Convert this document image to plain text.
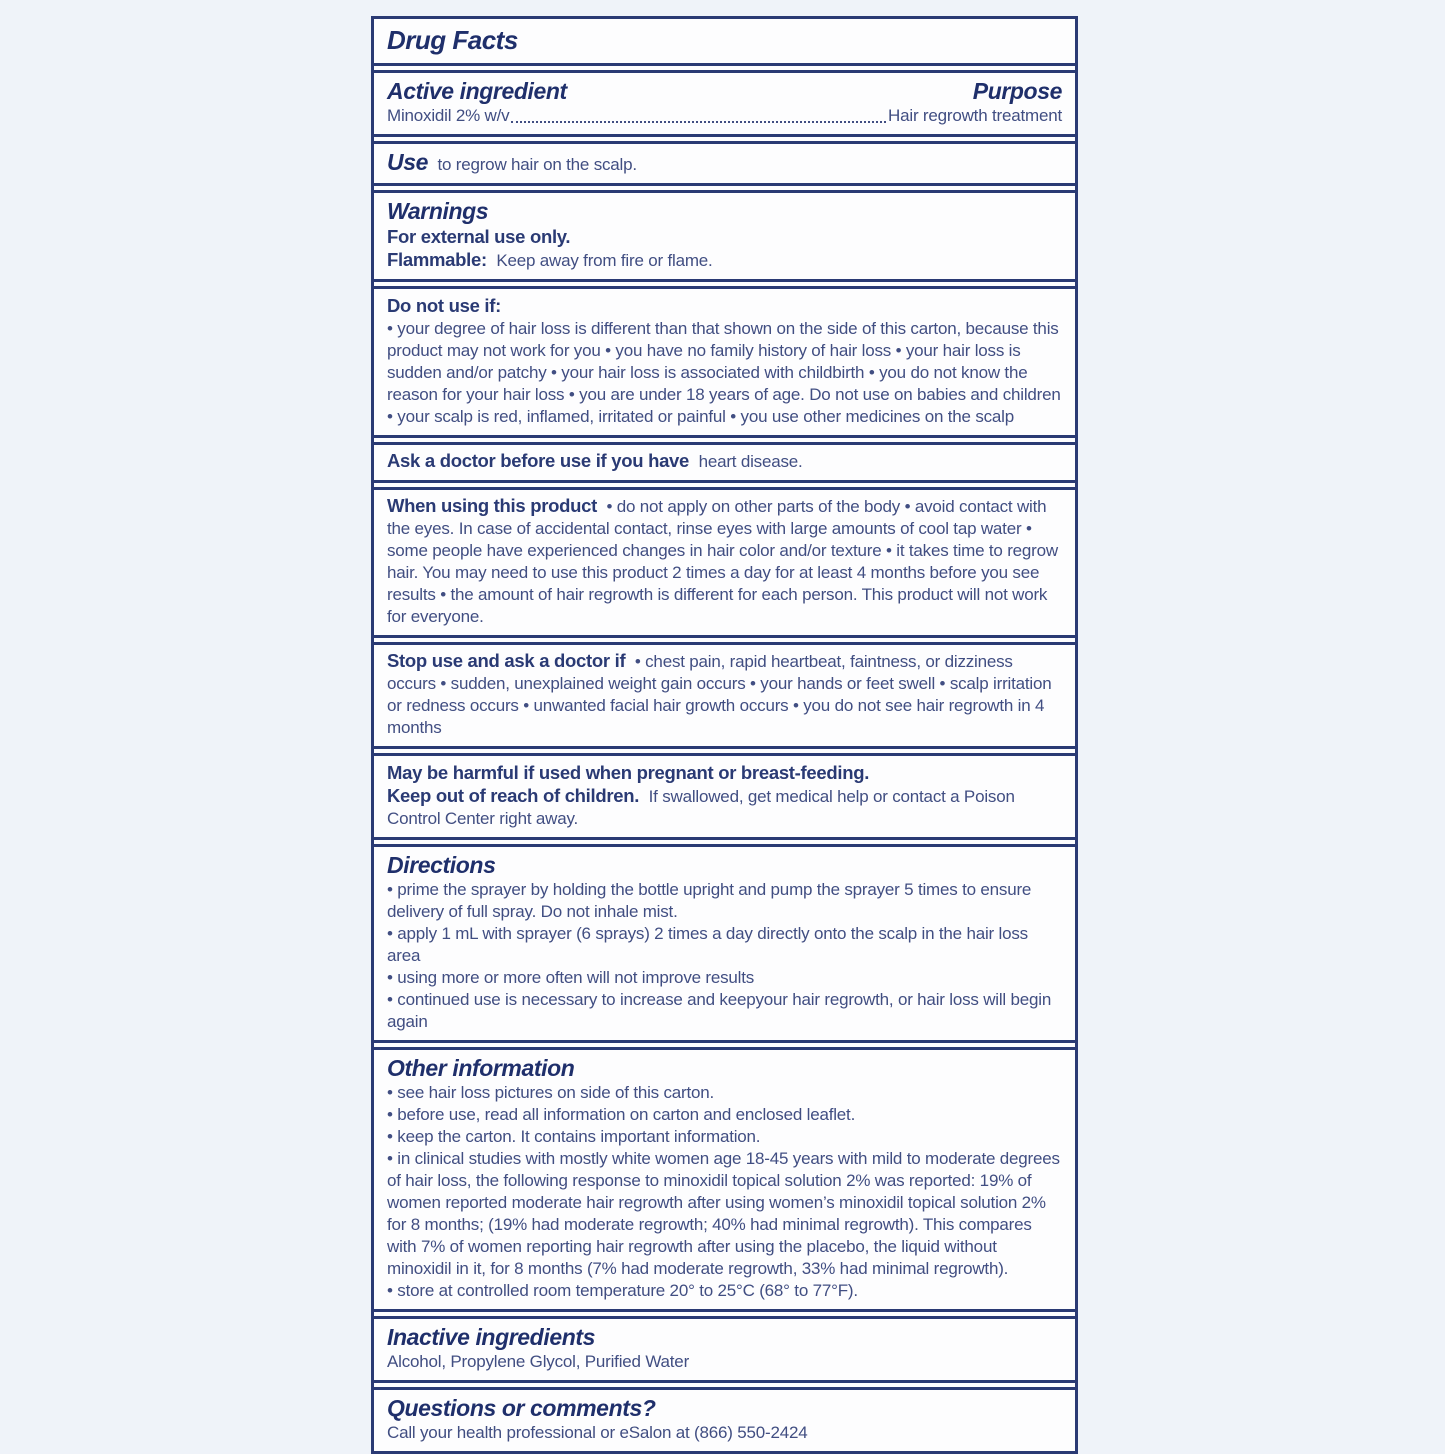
Drug Facts
Active ingredient	Purpose
Minoxidil 2% w/v	Hair regrowth treatment

Use to regrow hair on the scalp.

Warnings

For external use only.

Flammable: Keep away from fire or flame.

Do not use if:

• your degree of hair loss is different than that shown on the side of this carton, because this product may not work for you • you have no family history of hair loss • your hair loss is sudden and/or patchy • your hair loss is associated with childbirth • you do not know the reason for your hair loss • you are under 18 years of age. Do not use on babies and children • your scalp is red, inflamed, irritated or painful • you use other medicines on the scalp

Ask a doctor before use if you have heart disease.

When using this product • do not apply on other parts of the body • avoid contact with the eyes. In case of accidental contact, rinse eyes with large amounts of cool tap water • some people have experienced changes in hair color and/or texture • it takes time to regrow hair. You may need to use this product 2 times a day for at least 4 months before you see results • the amount of hair regrowth is different for each person. This product will not work for everyone.

Stop use and ask a doctor if • chest pain, rapid heartbeat, faintness, or dizziness occurs • sudden, unexplained weight gain occurs • your hands or feet swell • scalp irritation or redness occurs • unwanted facial hair growth occurs • you do not see hair regrowth in 4 months

May be harmful if used when pregnant or breast-feeding.

Keep out of reach of children. If swallowed, get medical help or contact a Poison Control Center right away.

Directions

• prime the sprayer by holding the bottle upright and pump the sprayer 5 times to ensure delivery of full spray. Do not inhale mist.

• apply 1 mL with sprayer (6 sprays) 2 times a day directly onto the scalp in the hair loss area

• using more or more often will not improve results

• continued use is necessary to increase and keepyour hair regrowth, or hair loss will begin again

Other information

• see hair loss pictures on side of this carton.

• before use, read all information on carton and enclosed leaflet.

• keep the carton. It contains important information.

• in clinical studies with mostly white women age 18-45 years with mild to moderate degrees of hair loss, the following response to minoxidil topical solution 2% was reported: 19% of women reported moderate hair regrowth after using women’s minoxidil topical solution 2% for 8 months; (19% had moderate regrowth; 40% had minimal regrowth). This compares with 7% of women reporting hair regrowth after using the placebo, the liquid without minoxidil in it, for 8 months (7% had moderate regrowth, 33% had minimal regrowth).

• store at controlled room temperature 20° to 25°C (68° to 77°F).

Inactive ingredients

Alcohol, Propylene Glycol, Purified Water

Questions or comments?

Call your health professional or eSalon at (866) 550-2424
